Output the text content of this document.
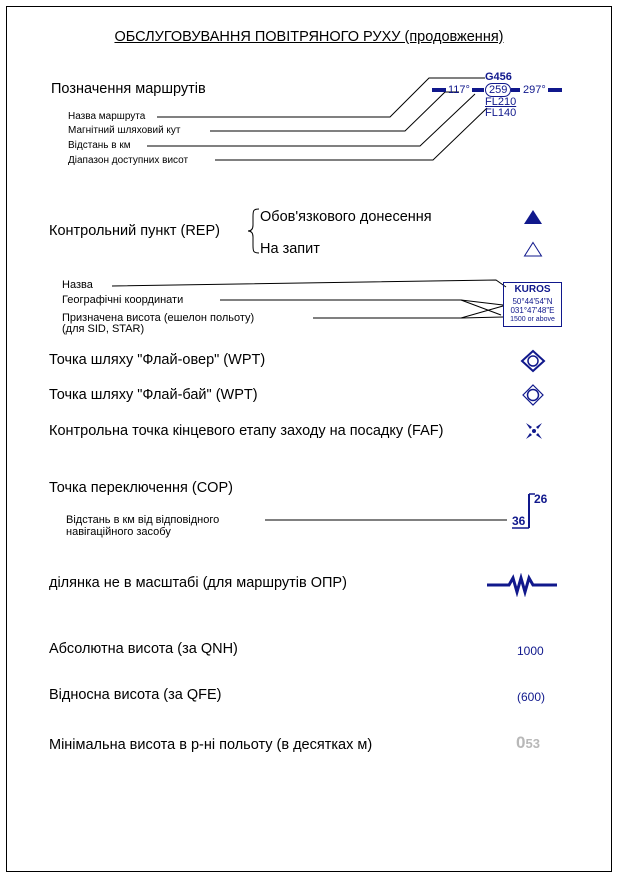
ОБСЛУГОВУВАННЯ ПОВІТРЯНОГО РУХУ (продовження)
Позначення маршрутів
Назва маршрута
Магнітний шляховий кут
Відстань в км
Діапазон доступних висот
G456
117°	259	297°
FL210
FL140
Контрольний пункт (REP)
Обов'язкового донесення
На запит
Назва
Географічні координати
Призначена висота (ешелон польоту)
(для SID, STAR)
KUROS
50°44'54"N
031°47'48"E
1500 or above
Точка шляху "Флай-овер" (WPT)
Точка шляху "Флай-бай" (WPT)
Контрольна точка кінцевого етапу заходу на посадку (FAF)
Точка переключення (COP)
Відстань в км від відповідного
навігаційного засобу
36
26
ділянка не в масштабі (для маршрутів ОПР)
Абсолютна висота (за QNH)	1000
Відносна висота (за QFE)	(600)
Мінімальна висота в р-ні польоту (в десятках м)	053
